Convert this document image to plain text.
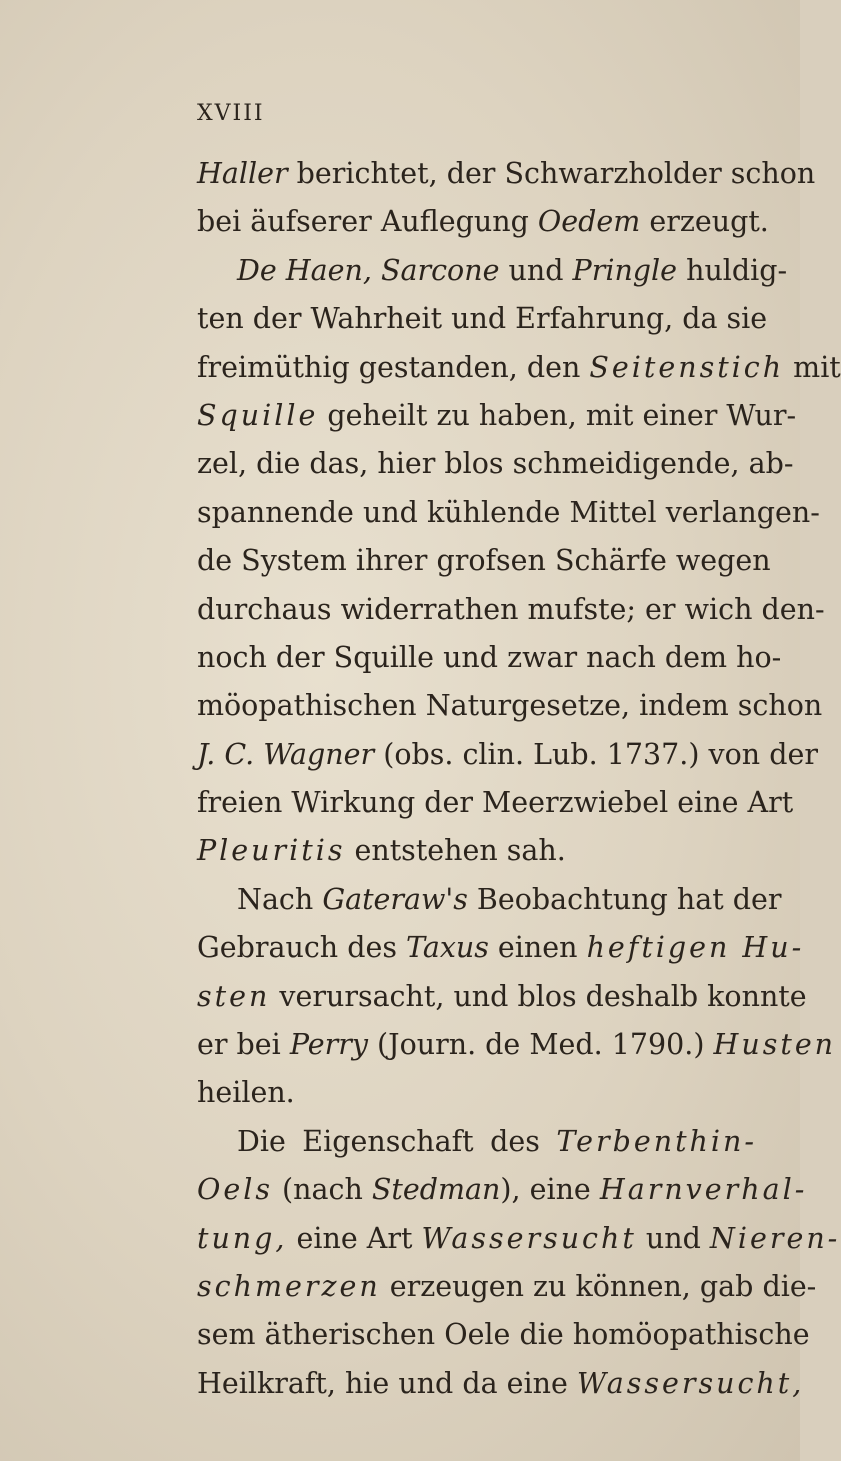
XVIII
Haller berichtet, der Schwarzholder schon
bei äufserer Auflegung Oedem erzeugt.
De Haen, Sarcone und Pringle huldig-
ten der Wahrheit und Erfahrung, da sie
freimüthig gestanden, den Seitenstich mit
Squille geheilt zu haben, mit einer Wur-
zel, die das, hier blos schmeidigende, ab-
spannende und kühlende Mittel verlangen-
de System ihrer grofsen Schärfe wegen
durchaus widerrathen mufste; er wich den-
noch der Squille und zwar nach dem ho-
möopathischen Naturgesetze, indem schon
J. C. Wagner (obs. clin. Lub. 1737.) von der
freien Wirkung der Meerzwiebel eine Art
Pleuritis entstehen sah.
Nach Gateraw's Beobachtung hat der
Gebrauch des Taxus einen heftigen Hu-
sten verursacht, und blos deshalb konnte
er bei Perry (Journ. de Med. 1790.) Husten
heilen.
Die Eigenschaft des Terbenthin-
Oels (nach Stedman), eine Harnverhal-
tung, eine Art Wassersucht und Nieren-
schmerzen erzeugen zu können, gab die-
sem ätherischen Oele die homöopathische
Heilkraft, hie und da eine Wassersucht,
